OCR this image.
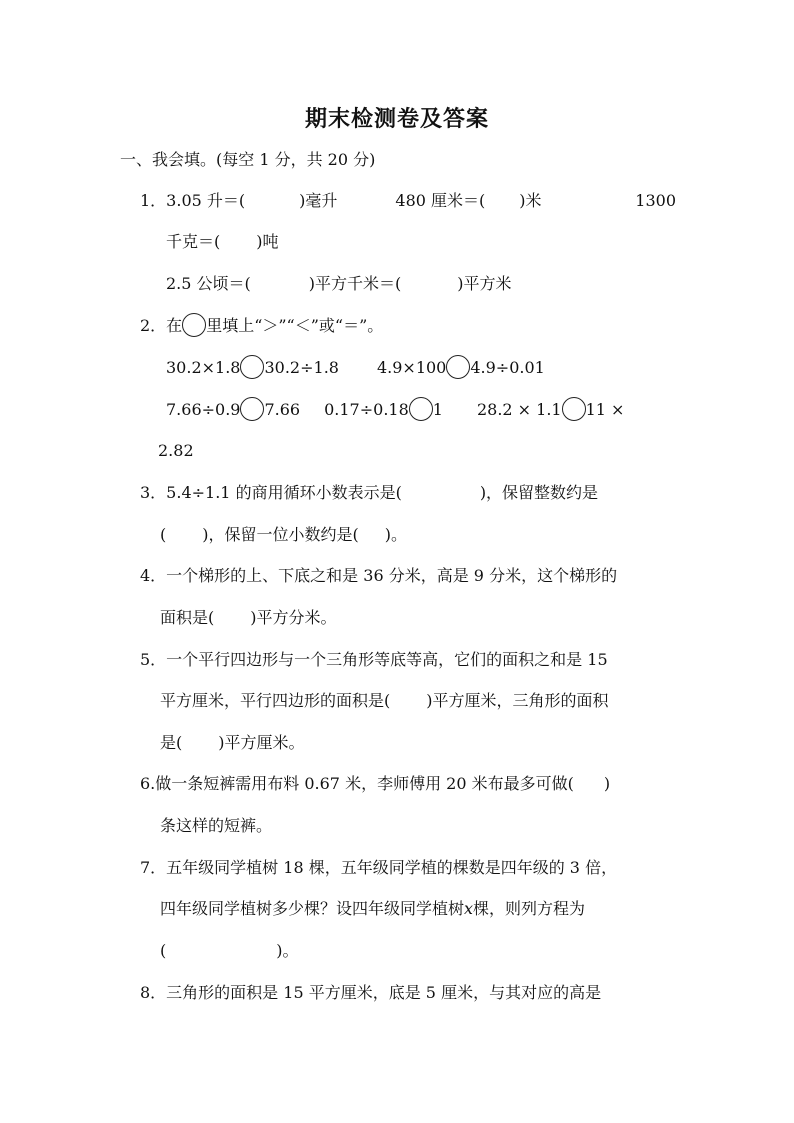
期末检测卷及答案
一、我会填。(每空 1 分，共 20 分)
1．3.05 升＝(	)毫升	480 厘米＝( )米	1300
千克＝( )吨
2.5 公顷＝(	)平方千米＝(	)平方米
2．在 里填上“＞”“＜”或“＝”。
30.2×1.8 30.2÷1.8 4.9×100 4.9÷0.01
7.66÷0.9 7.66 0.17÷0.18 1 28.2 × 1.1 11 ×
2.82
3．5.4÷1.1 的商用循环小数表示是(	)，保留整数约是
( )，保留一位小数约是( )。
4．一个梯形的上、下底之和是 36 分米，高是 9 分米，这个梯形的
面积是( )平方分米。
5．一个平行四边形与一个三角形等底等高，它们的面积之和是 15
平方厘米，平行四边形的面积是( )平方厘米，三角形的面积
是( )平方厘米。
6.做一条短裤需用布料 0.67 米，李师傅用 20 米布最多可做( )
条这样的短裤。
7．五年级同学植树 18 棵，五年级同学植的棵数是四年级的 3 倍，
四年级同学植树多少棵？设四年级同学植树x棵，则列方程为
(	)。
8．三角形的面积是 15 平方厘米，底是 5 厘米，与其对应的高是
